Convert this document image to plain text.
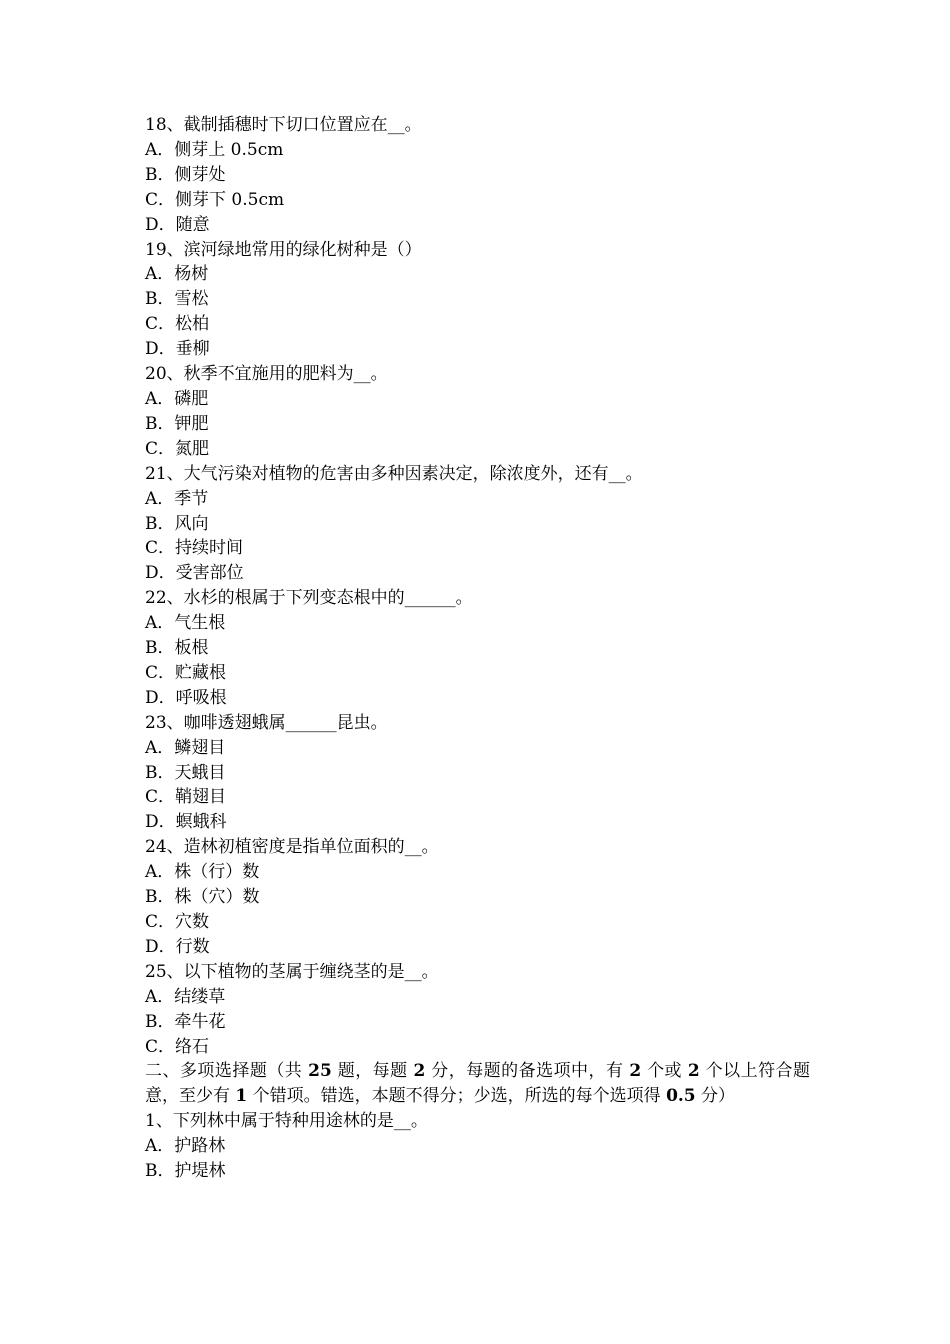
18、截制插穗时下切口位置应在__。
A．侧芽上 0.5cm
B．侧芽处
C．侧芽下 0.5cm
D．随意
19、滨河绿地常用的绿化树种是（）
A．杨树
B．雪松
C．松柏
D．垂柳
20、秋季不宜施用的肥料为__。
A．磷肥
B．钾肥
C．氮肥
21、大气污染对植物的危害由多种因素决定，除浓度外，还有__。
A．季节
B．风向
C．持续时间
D．受害部位
22、水杉的根属于下列变态根中的______。
A．气生根
B．板根
C．贮藏根
D．呼吸根
23、咖啡透翅蛾属______昆虫。
A．鳞翅目
B．天蛾目
C．鞘翅目
D．螟蛾科
24、造林初植密度是指单位面积的__。
A．株（行）数
B．株（穴）数
C．穴数
D．行数
25、以下植物的茎属于缠绕茎的是__。
A．结缕草
B．牵牛花
C．络石
二、多项选择题（共 25 题，每题 2 分，每题的备选项中，有 2 个或 2 个以上符合题意，至少有 1 个错项。错选，本题不得分；少选，所选的每个选项得 0.5 分）
1、下列林中属于特种用途林的是__。
A．护路林
B．护堤林
